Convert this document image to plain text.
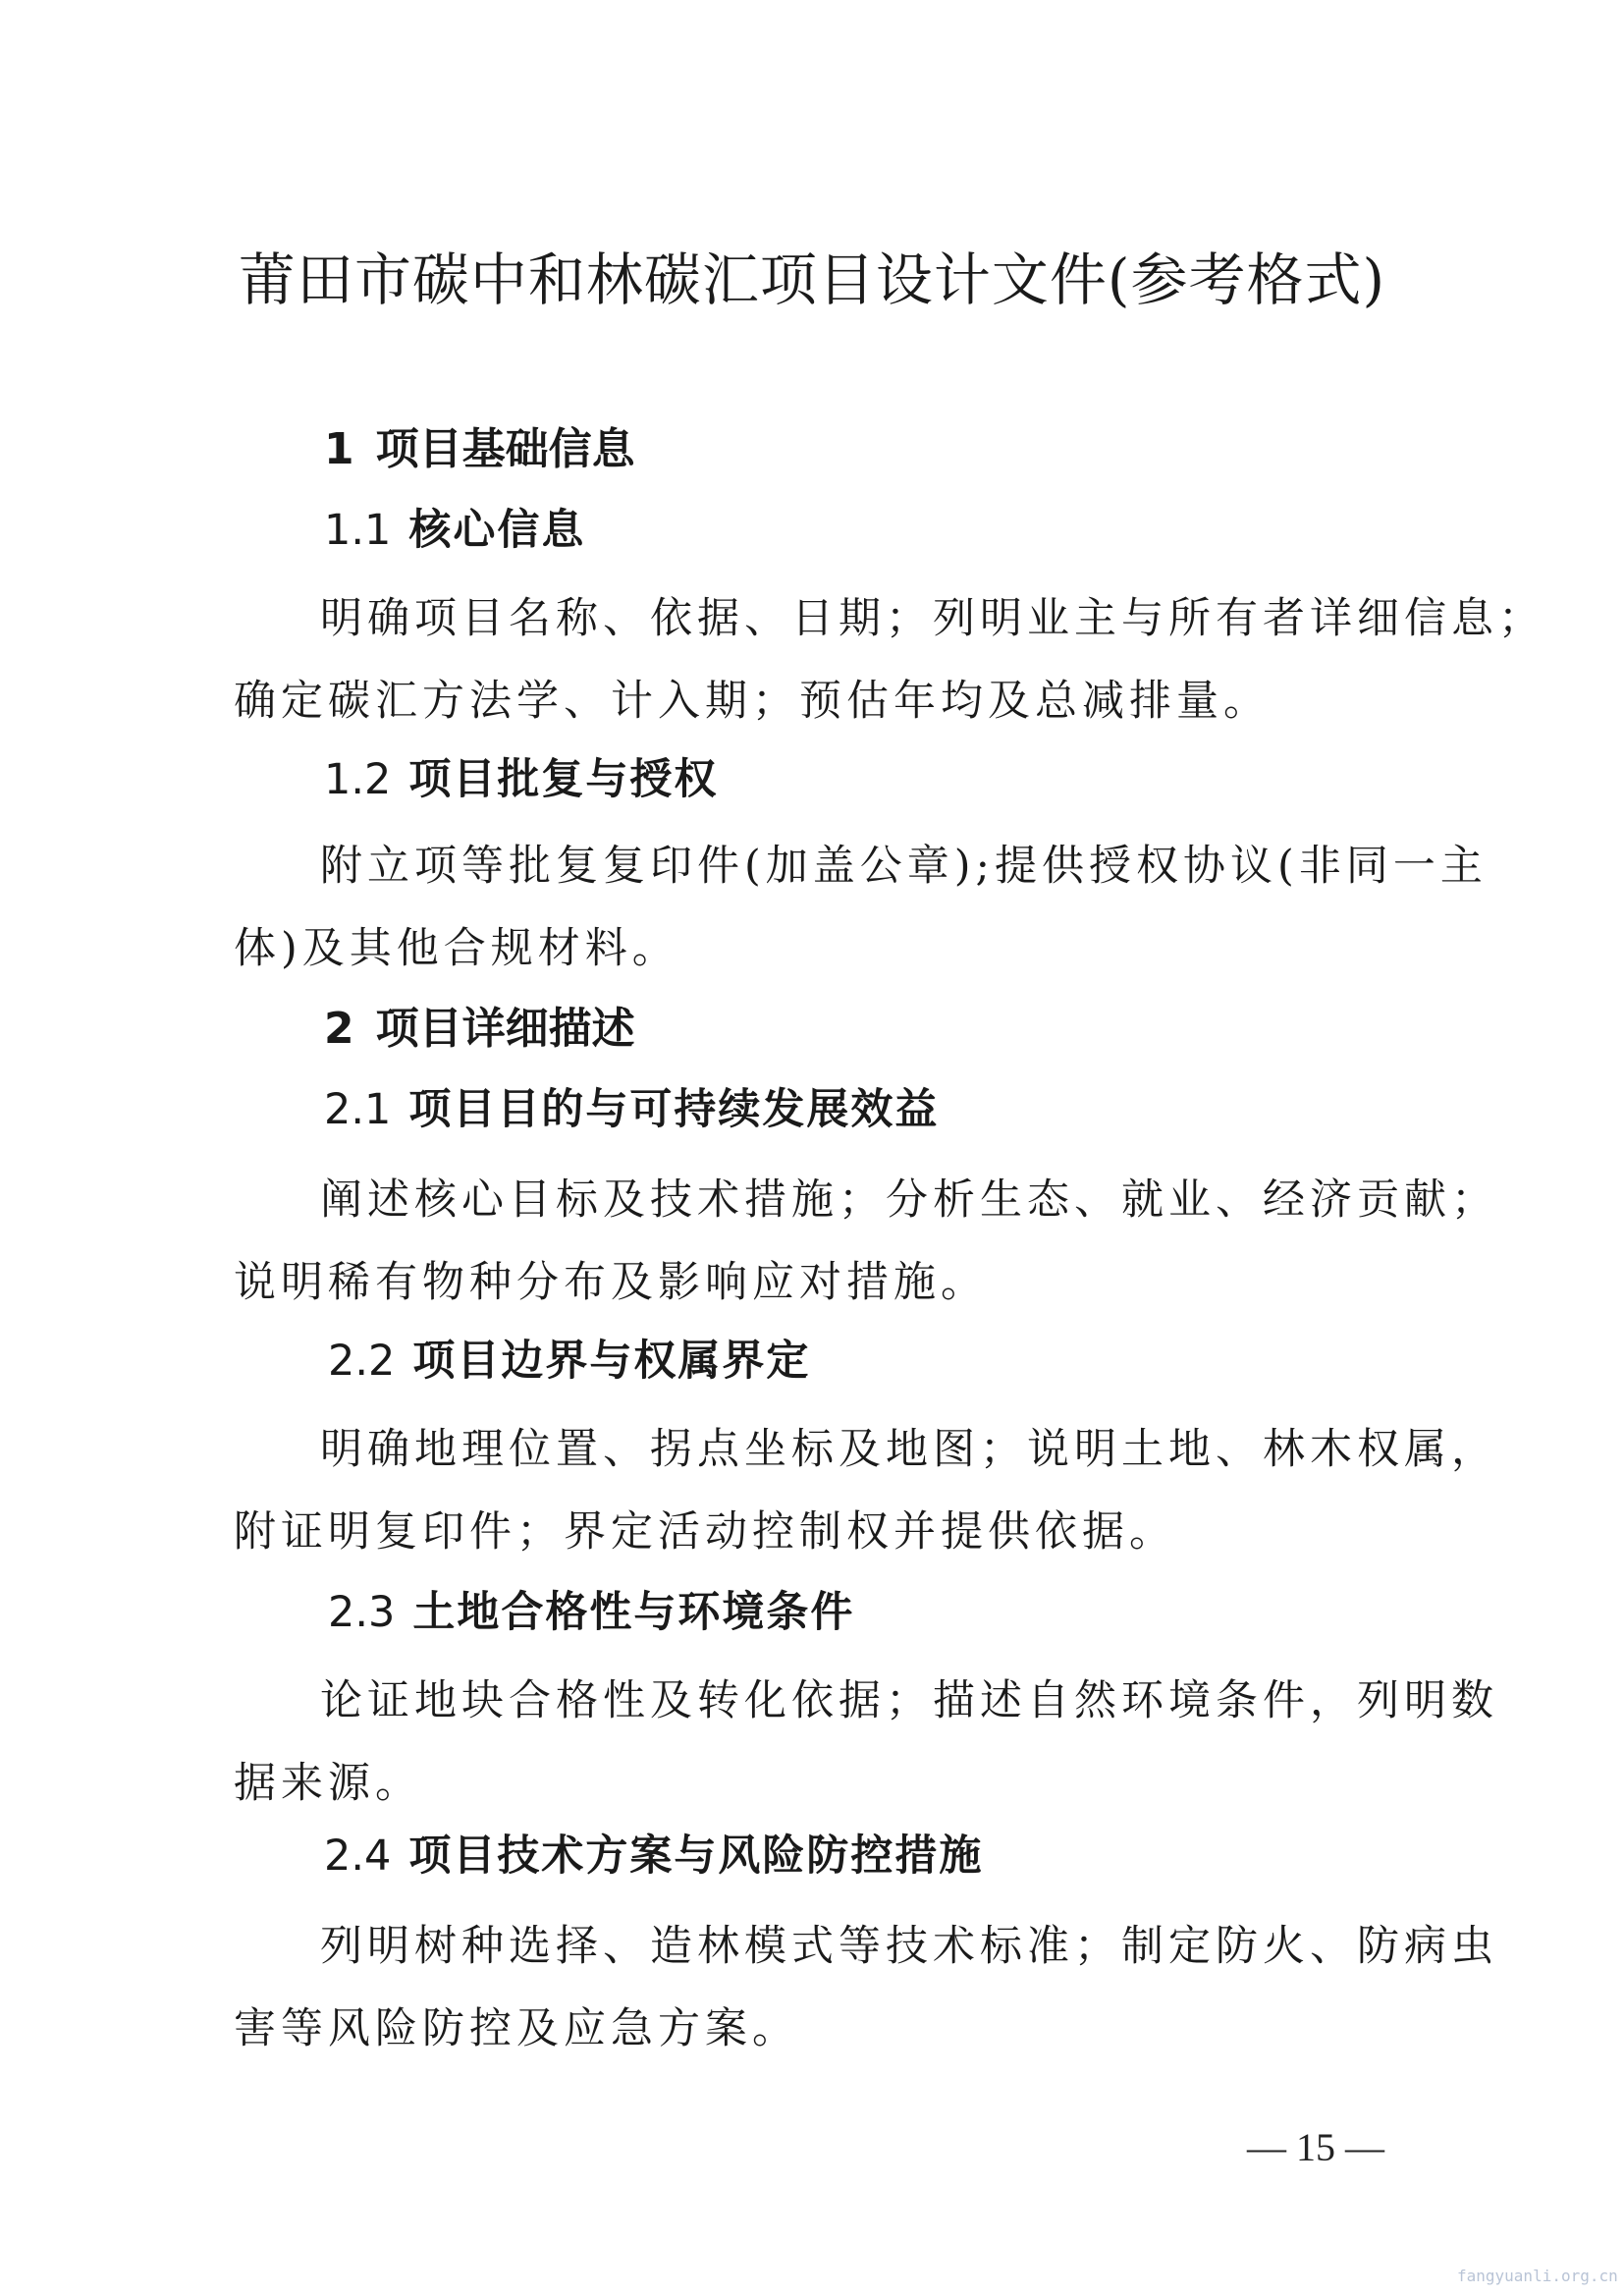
莆田市碳中和林碳汇项目设计文件(参考格式)
1 项目基础信息
1.1 核心信息
明确项目名称、依据、日期；列明业主与所有者详细信息；
确定碳汇方法学、计入期；预估年均及总减排量。
1.2 项目批复与授权
附立项等批复复印件(加盖公章);提供授权协议(非同一主
体)及其他合规材料。
2 项目详细描述
2.1 项目目的与可持续发展效益
阐述核心目标及技术措施；分析生态、就业、经济贡献；
说明稀有物种分布及影响应对措施。
2.2 项目边界与权属界定
明确地理位置、拐点坐标及地图；说明土地、林木权属，
附证明复印件；界定活动控制权并提供依据。
2.3 土地合格性与环境条件
论证地块合格性及转化依据；描述自然环境条件，列明数
据来源。
2.4 项目技术方案与风险防控措施
列明树种选择、造林模式等技术标准；制定防火、防病虫
害等风险防控及应急方案。
— 15 —
fangyuanli.org.cn
